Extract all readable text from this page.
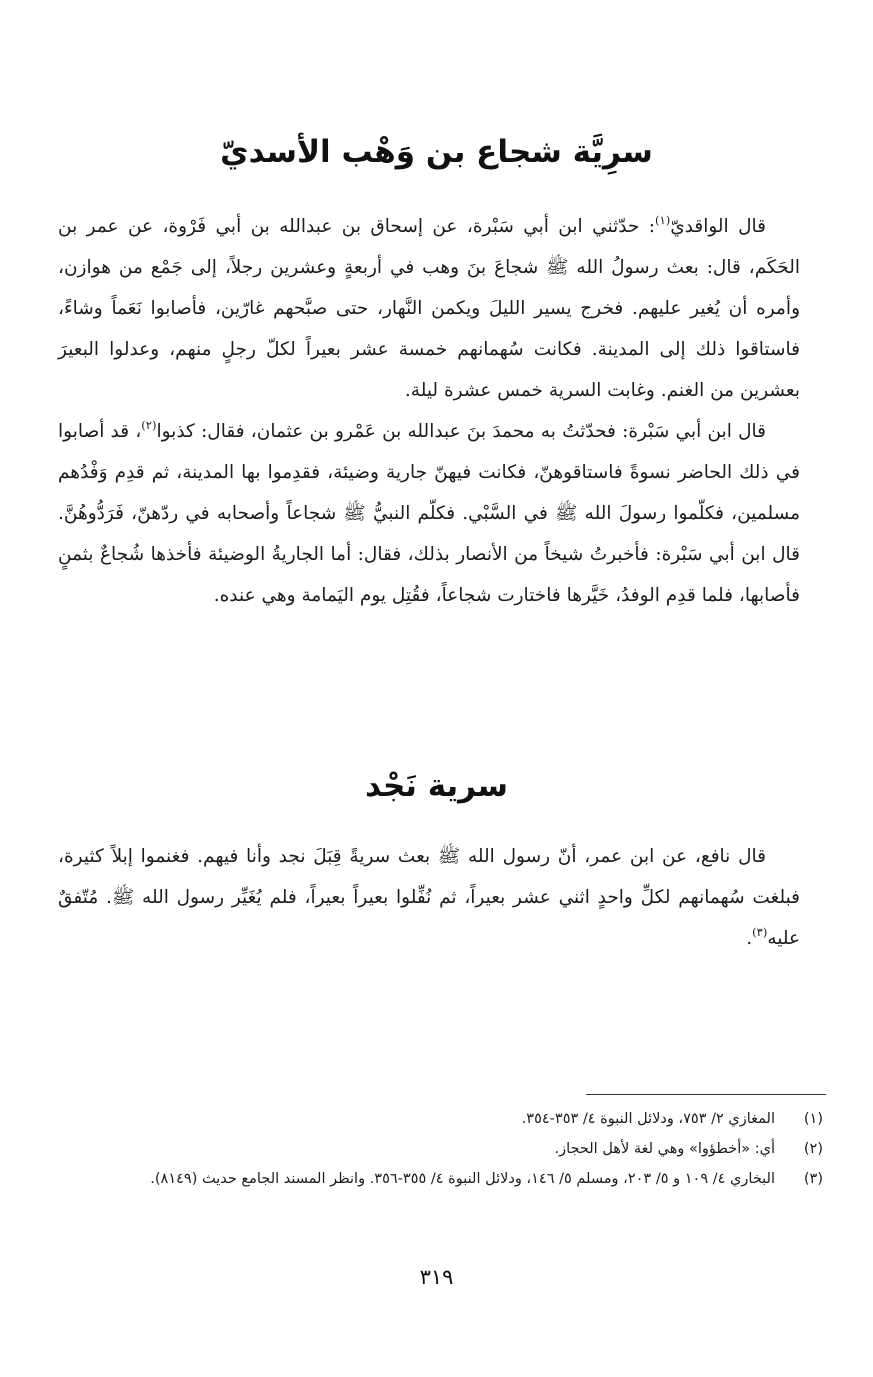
سرِيَّة شجاع بن وَهْب الأسديّ

قال الواقديّ$^{(١)}$: حدّثني ابن أبي سَبْرة، عن إسحاق بن عبدالله بن أبي فَرْوة، عن عمر بن الحَكَم، قال: بعث رسولُ الله ﷺ شجاعَ بنَ وهب في أربعةٍ وعشرين رجلاً، إلى جَمْع من هوازن، وأمره أن يُغير عليهم. فخرج يسير الليلَ ويكمن النَّهار، حتى صبَّحهم غارّين، فأصابوا نَعَماً وشاءً، فاستاقوا ذلك إلى المدينة. فكانت سُهمانهم خمسة عشر بعيراً لكلّ رجلٍ منهم، وعدلوا البعيرَ بعشرين من الغنم. وغابت السرية خمس عشرة ليلة.

قال ابن أبي سَبْرة: فحدّثتُ به محمدَ بنَ عبدالله بن عَمْرو بن عثمان، فقال: كذبوا$^{(٢)}$، قد أصابوا في ذلك الحاضر نسوةً فاستاقوهنّ، فكانت فيهنّ جارية وضيئة، فقدِموا بها المدينة، ثم قدِم وَفْدُهم مسلمين، فكلّموا رسولَ الله ﷺ في السَّبْي. فكلّم النبيُّ ﷺ شجاعاً وأصحابه في ردّهنّ، فَرَدُّوهُنَّ. قال ابن أبي سَبْرة: فأخبرتُ شيخاً من الأنصار بذلك، فقال: أما الجاريةُ الوضيئة فأخذها شُجاعٌ بثمنٍ فأصابها، فلما قدِم الوفدُ، خَيَّرها فاختارت شجاعاً، فقُتِل يوم اليَمامة وهي عنده.

سرية نَجْد

قال نافع، عن ابن عمر، أنّ رسول الله ﷺ بعث سريةً قِبَلَ نجد وأنا فيهم. فغنموا إبلاً كثيرة، فبلغت سُهمانهم لكلِّ واحدٍ اثني عشر بعيراً، ثم نُفِّلوا بعيراً بعيراً، فلم يُغَيِّر رسول الله ﷺ. مُتّفقٌ عليه$^{(٣)}$.

(١)
المغازي ٢/ ٧٥٣، ودلائل النبوة ٤/ ٣٥٣-٣٥٤.
(٢)
أي: «أخطؤوا» وهي لغة لأهل الحجاز.
(٣)
البخاري ٤/ ١٠٩ و ٥/ ٢٠٣، ومسلم ٥/ ١٤٦، ودلائل النبوة ٤/ ٣٥٥-٣٥٦. وانظر المسند الجامع حديث (٨١٤٩).
٣١٩
